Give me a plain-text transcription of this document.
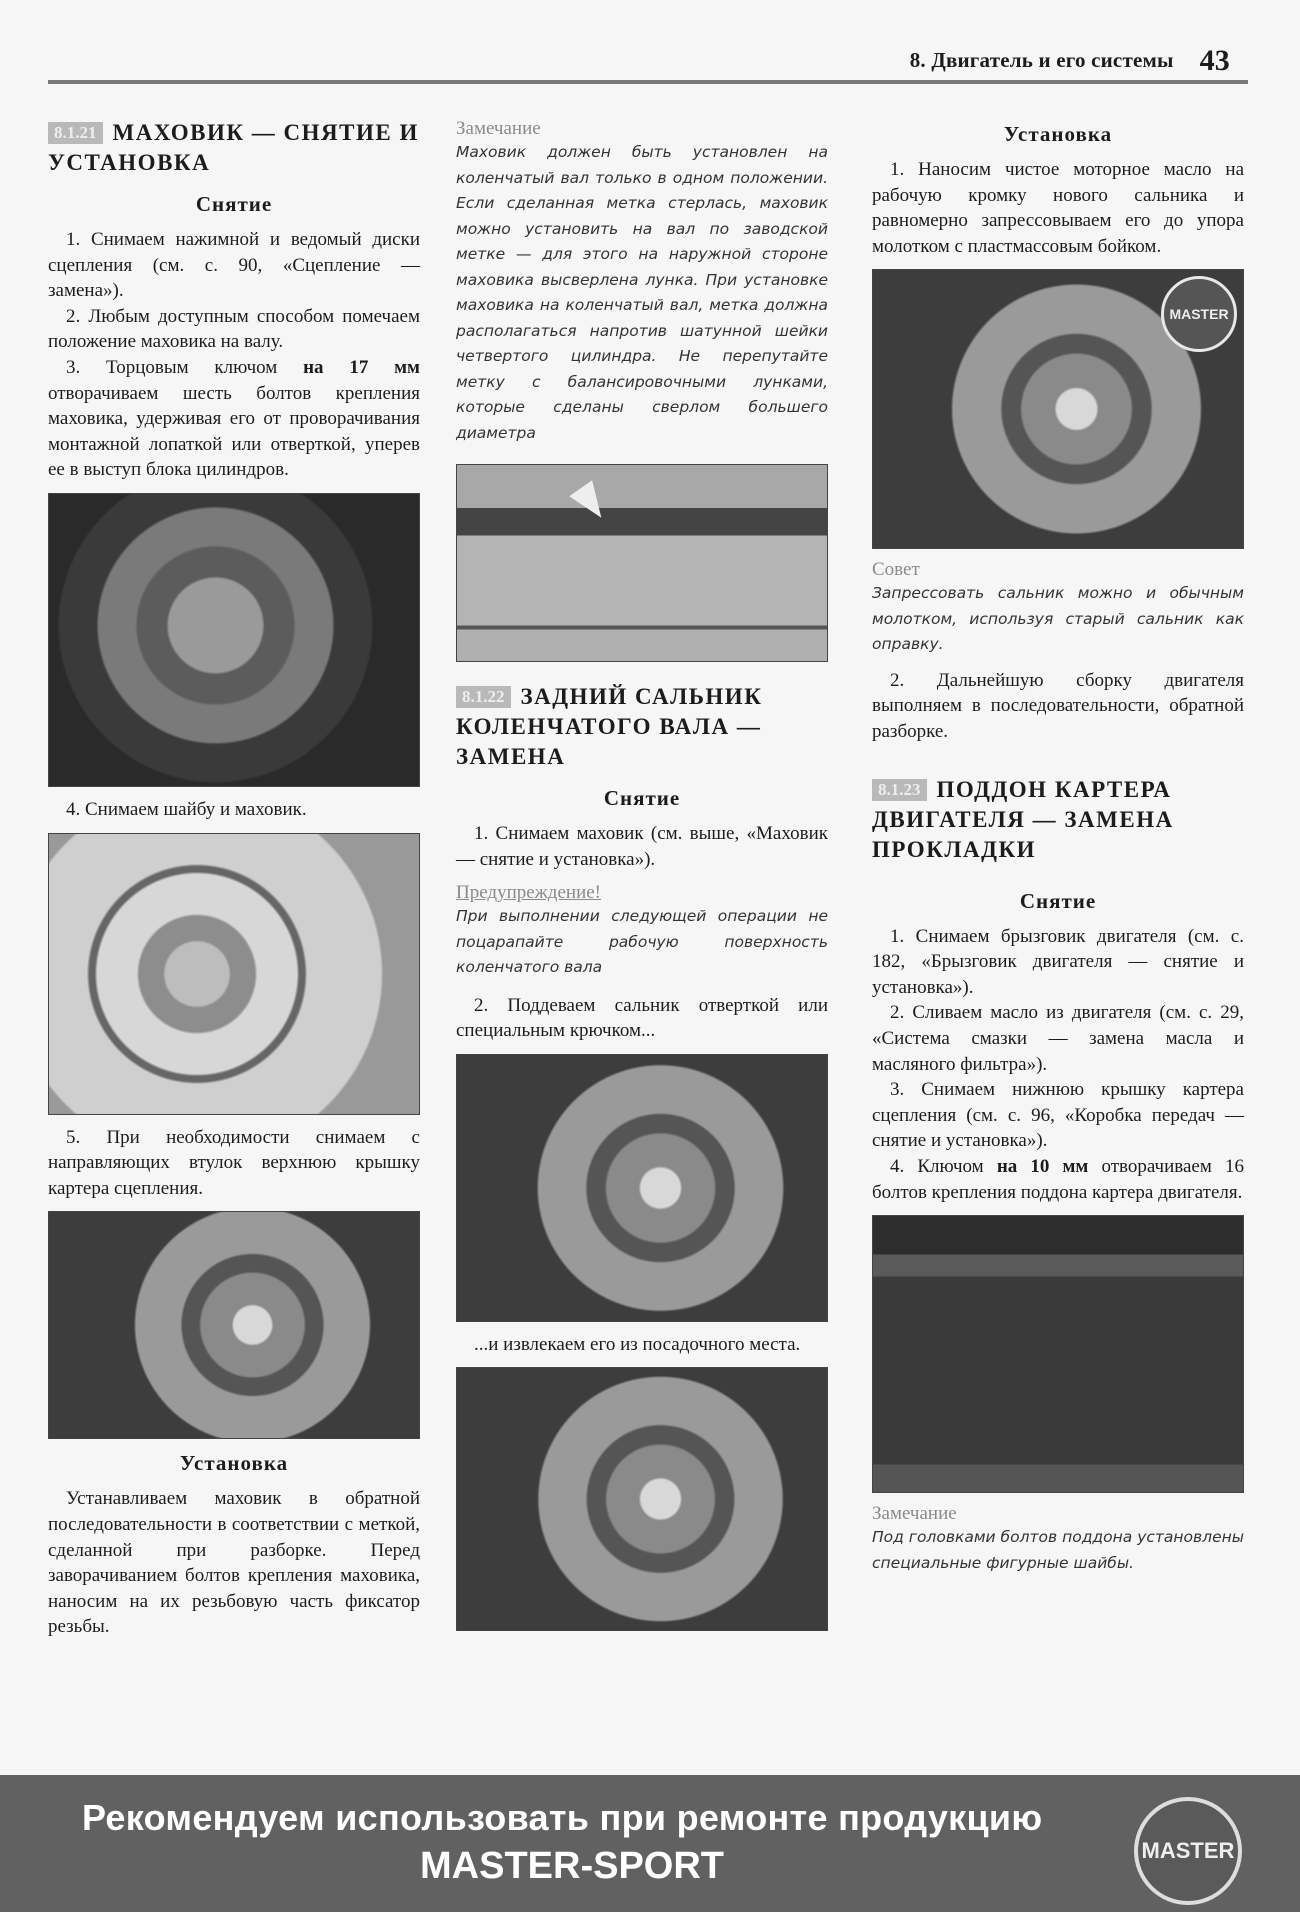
8. Двигатель и его системы 43
8.1.21 МАХОВИК — СНЯТИЕ И УСТАНОВКА
Снятие

1. Снимаем нажимной и ведомый диски сцепления (см. с. 90, «Сцепление — замена»).

2. Любым доступным способом помечаем положение маховика на валу.

3. Торцовым ключом на 17 мм отворачиваем шесть болтов крепления маховика, удерживая его от проворачивания монтажной лопаткой или отверткой, уперев ее в выступ блока цилиндров.

4. Снимаем шайбу и маховик.

5. При необходимости снимаем с направляющих втулок верхнюю крышку картера сцепления.

Установка

Устанавливаем маховик в обратной последовательности в соответствии с меткой, сделанной при разборке. Перед заворачиванием болтов крепления маховика, наносим на их резьбовую часть фиксатор резьбы.

Замечание
Маховик должен быть установлен на коленчатый вал только в одном положении. Если сделанная метка стерлась, маховик можно установить на вал по заводской метке — для этого на наружной стороне маховика высверлена лунка. При установке маховика на коленчатый вал, метка должна располагаться напротив шатунной шейки четвертого цилиндра. Не перепутайте метку с балансировочными лунками, которые сделаны сверлом большего диаметра
8.1.22 ЗАДНИЙ САЛЬНИК КОЛЕНЧАТОГО ВАЛА — ЗАМЕНА
Снятие

1. Снимаем маховик (см. выше, «Маховик — снятие и установка»).

Предупреждение!
При выполнении следующей операции не поцарапайте рабочую поверхность коленчатого вала

2. Поддеваем сальник отверткой или специальным крючком...

...и извлекаем его из посадочного места.

Установка

1. Наносим чистое моторное масло на рабочую кромку нового сальника и равномерно запрессовываем его до упора молотком с пластмассовым бойком.

MASTER
Совет
Запрессовать сальник можно и обычным молотком, используя старый сальник как оправку.

2. Дальнейшую сборку двигателя выполняем в последовательности, обратной разборке.

8.1.23 ПОДДОН КАРТЕРА ДВИГАТЕЛЯ — ЗАМЕНА ПРОКЛАДКИ
Снятие

1. Снимаем брызговик двигателя (см. с. 182, «Брызговик двигателя — снятие и установка»).

2. Сливаем масло из двигателя (см. с. 29, «Система смазки — замена масла и масляного фильтра»).

3. Снимаем нижнюю крышку картера сцепления (см. с. 96, «Коробка передач — снятие и установка»).

4. Ключом на 10 мм отворачиваем 16 болтов крепления поддона картера двигателя.

Замечание
Под головками болтов поддона установлены специальные фигурные шайбы.
Рекомендуем использовать при ремонте продукцию
MASTER-SPORT	MASTER
